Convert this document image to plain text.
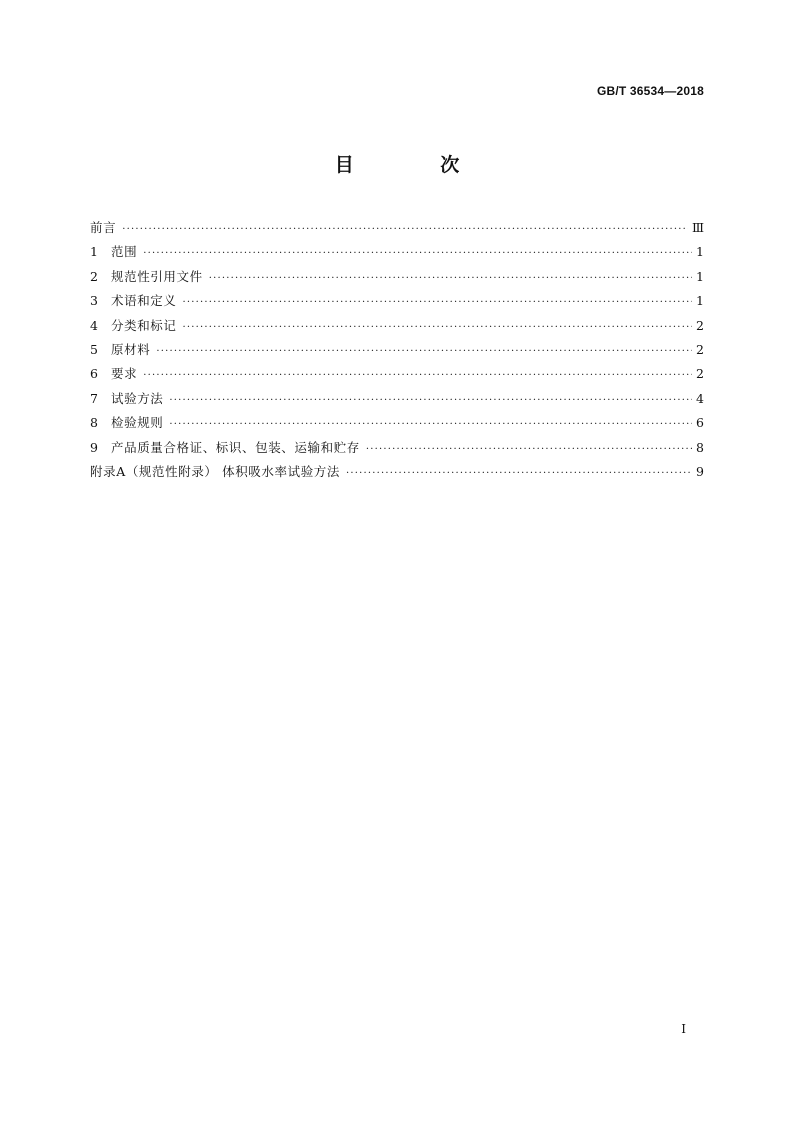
GB/T 36534—2018
目 次
前言 ·····	Ⅲ
1	范围 ·····	1
2	规范性引用文件 ·····	1
3	术语和定义 ·····	1
4	分类和标记 ·····	2
5	原材料 ·····	2
6	要求 ·····	2
7	试验方法 ·····	4
8	检验规则 ·····	6
9	产品质量合格证、标识、包装、运输和贮存 ·····	8
附录A（规范性附录） 体积吸水率试验方法 ·····	9
Ⅰ
